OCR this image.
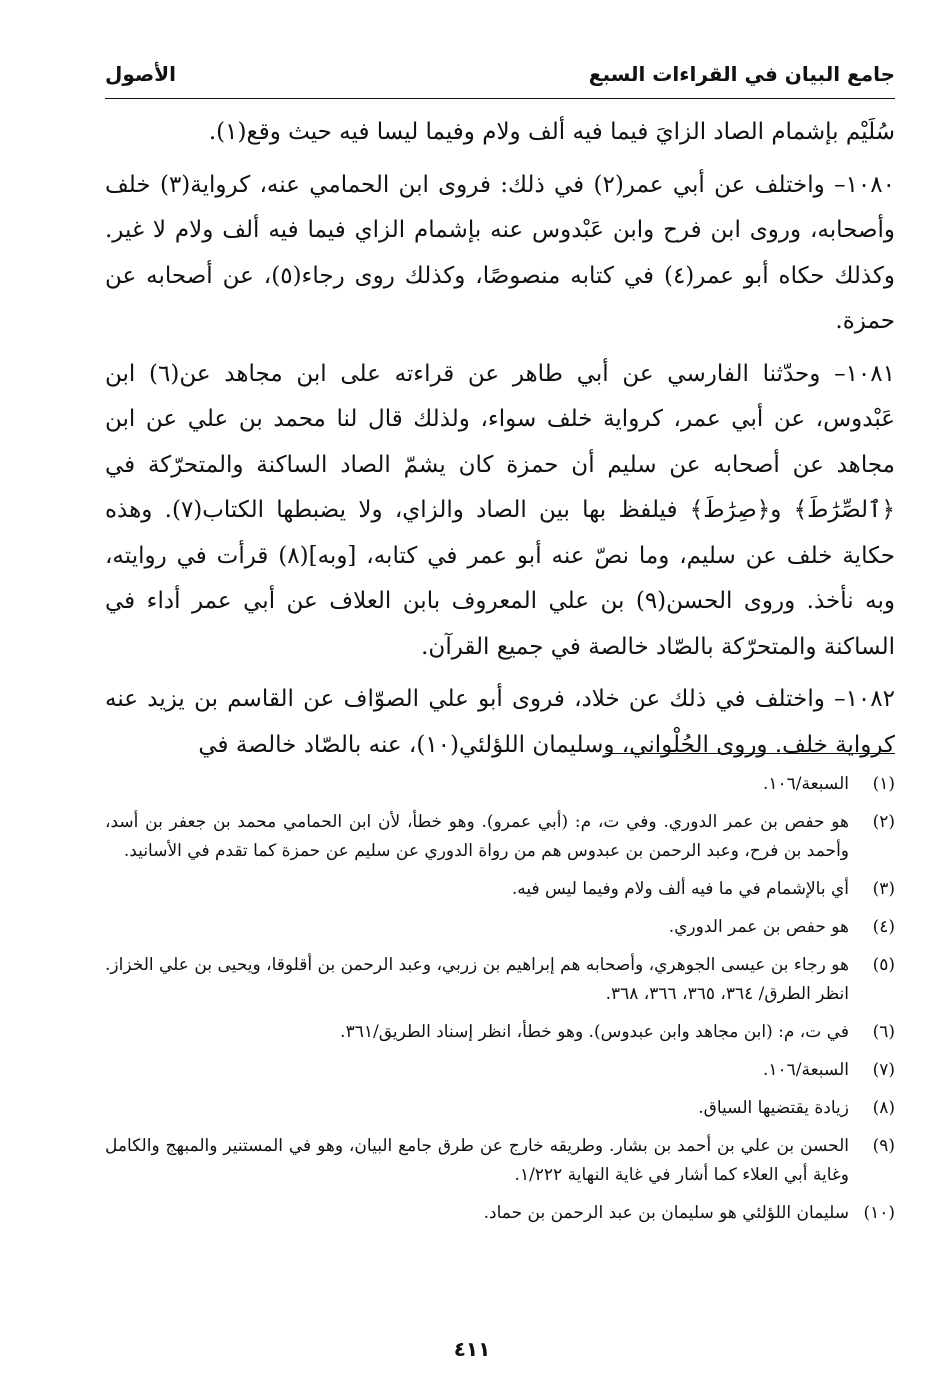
جامع البيان في القراءات السبع
الأصول

سُلَيْم بإشمام الصاد الزايَ فيما فيه ألف ولام وفيما ليسا فيه حيث وقع(١).

١٠٨٠– واختلف عن أبي عمر(٢) في ذلك: فروى ابن الحمامي عنه، كرواية(٣) خلف وأصحابه، وروى ابن فرح وابن عَبْدوس عنه بإشمام الزاي فيما فيه ألف ولام لا غير. وكذلك حكاه أبو عمر(٤) في كتابه منصوصًا، وكذلك روى رجاء(٥)، عن أصحابه عن حمزة.

١٠٨١– وحدّثنا الفارسي عن أبي طاهر عن قراءته على ابن مجاهد عن(٦) ابن عَبْدوس، عن أبي عمر، كرواية خلف سواء، ولذلك قال لنا محمد بن علي عن ابن مجاهد عن أصحابه عن سليم أن حمزة كان يشمّ الصاد الساكنة والمتحرّكة في ﴿ٱلصِّرَٰطَ﴾ و﴿صِرَٰطَ﴾ فيلفظ بها بين الصاد والزاي، ولا يضبطها الكتاب(٧). وهذه حكاية خلف عن سليم، وما نصّ عنه أبو عمر في كتابه، [وبه](٨) قرأت في روايته، وبه نأخذ. وروى الحسن(٩) بن علي المعروف بابن العلاف عن أبي عمر أداء في الساكنة والمتحرّكة بالصّاد خالصة في جميع القرآن.

١٠٨٢– واختلف في ذلك عن خلاد، فروى أبو علي الصوّاف عن القاسم بن يزيد عنه كرواية خلف. وروى الحُلْواني، وسليمان اللؤلئي(١٠)، عنه بالصّاد خالصة في

(١)
السبعة/١٠٦.
(٢)
هو حفص بن عمر الدوري. وفي ت، م: (أبي عمرو). وهو خطأ، لأن ابن الحمامي محمد بن جعفر بن أسد، وأحمد بن فرح، وعبد الرحمن بن عبدوس هم من رواة الدوري عن سليم عن حمزة كما تقدم في الأسانيد.
(٣)
أي بالإشمام في ما فيه ألف ولام وفيما ليس فيه.
(٤)
هو حفص بن عمر الدوري.
(٥)
هو رجاء بن عيسى الجوهري، وأصحابه هم إبراهيم بن زربي، وعبد الرحمن بن أقلوقا، ويحيى بن علي الخزاز. انظر الطرق/ ٣٦٤، ٣٦٥، ٣٦٦، ٣٦٨.
(٦)
في ت، م: (ابن مجاهد وابن عبدوس). وهو خطأ، انظر إسناد الطريق/٣٦١.
(٧)
السبعة/١٠٦.
(٨)
زيادة يقتضيها السياق.
(٩)
الحسن بن علي بن أحمد بن بشار. وطريقه خارج عن طرق جامع البيان، وهو في المستنير والمبهج والكامل وغاية أبي العلاء كما أشار في غاية النهاية ١/٢٢٢.
(١٠)
سليمان اللؤلئي هو سليمان بن عبد الرحمن بن حماد.
٤١١
